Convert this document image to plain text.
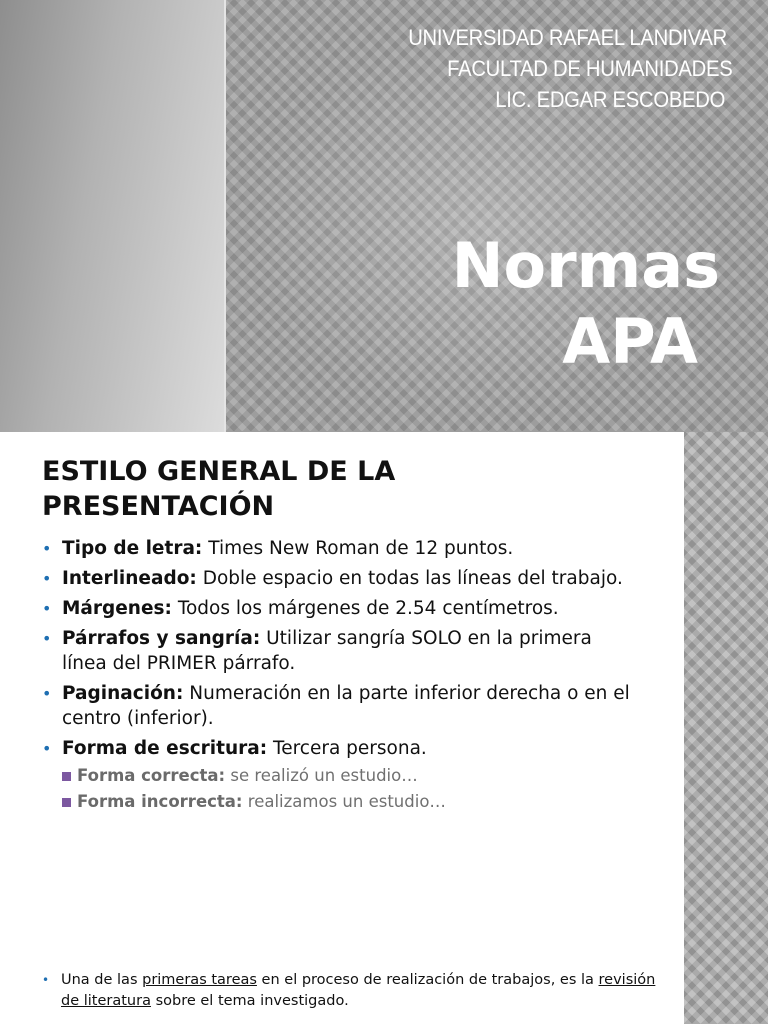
UNIVERSIDAD RAFAEL LANDIVAR
FACULTAD DE HUMANIDADES
LIC. EDGAR ESCOBEDO
Normas
APA
ESTILO GENERAL DE LA
PRESENTACIÓN
• Tipo de letra: Times New Roman de 12 puntos.
• Interlineado: Doble espacio en todas las líneas del trabajo.
• Márgenes: Todos los márgenes de 2.54 centímetros.
• Párrafos y sangría: Utilizar sangría SOLO en la primera línea del PRIMER párrafo.
• Paginación: Numeración en la parte inferior derecha o en el centro (inferior).
• Forma de escritura: Tercera persona.
Forma correcta: se realizó un estudio…
Forma incorrecta: realizamos un estudio…
• Una de las primeras tareas en el proceso de realización de trabajos, es la revisión de literatura sobre el tema investigado.
